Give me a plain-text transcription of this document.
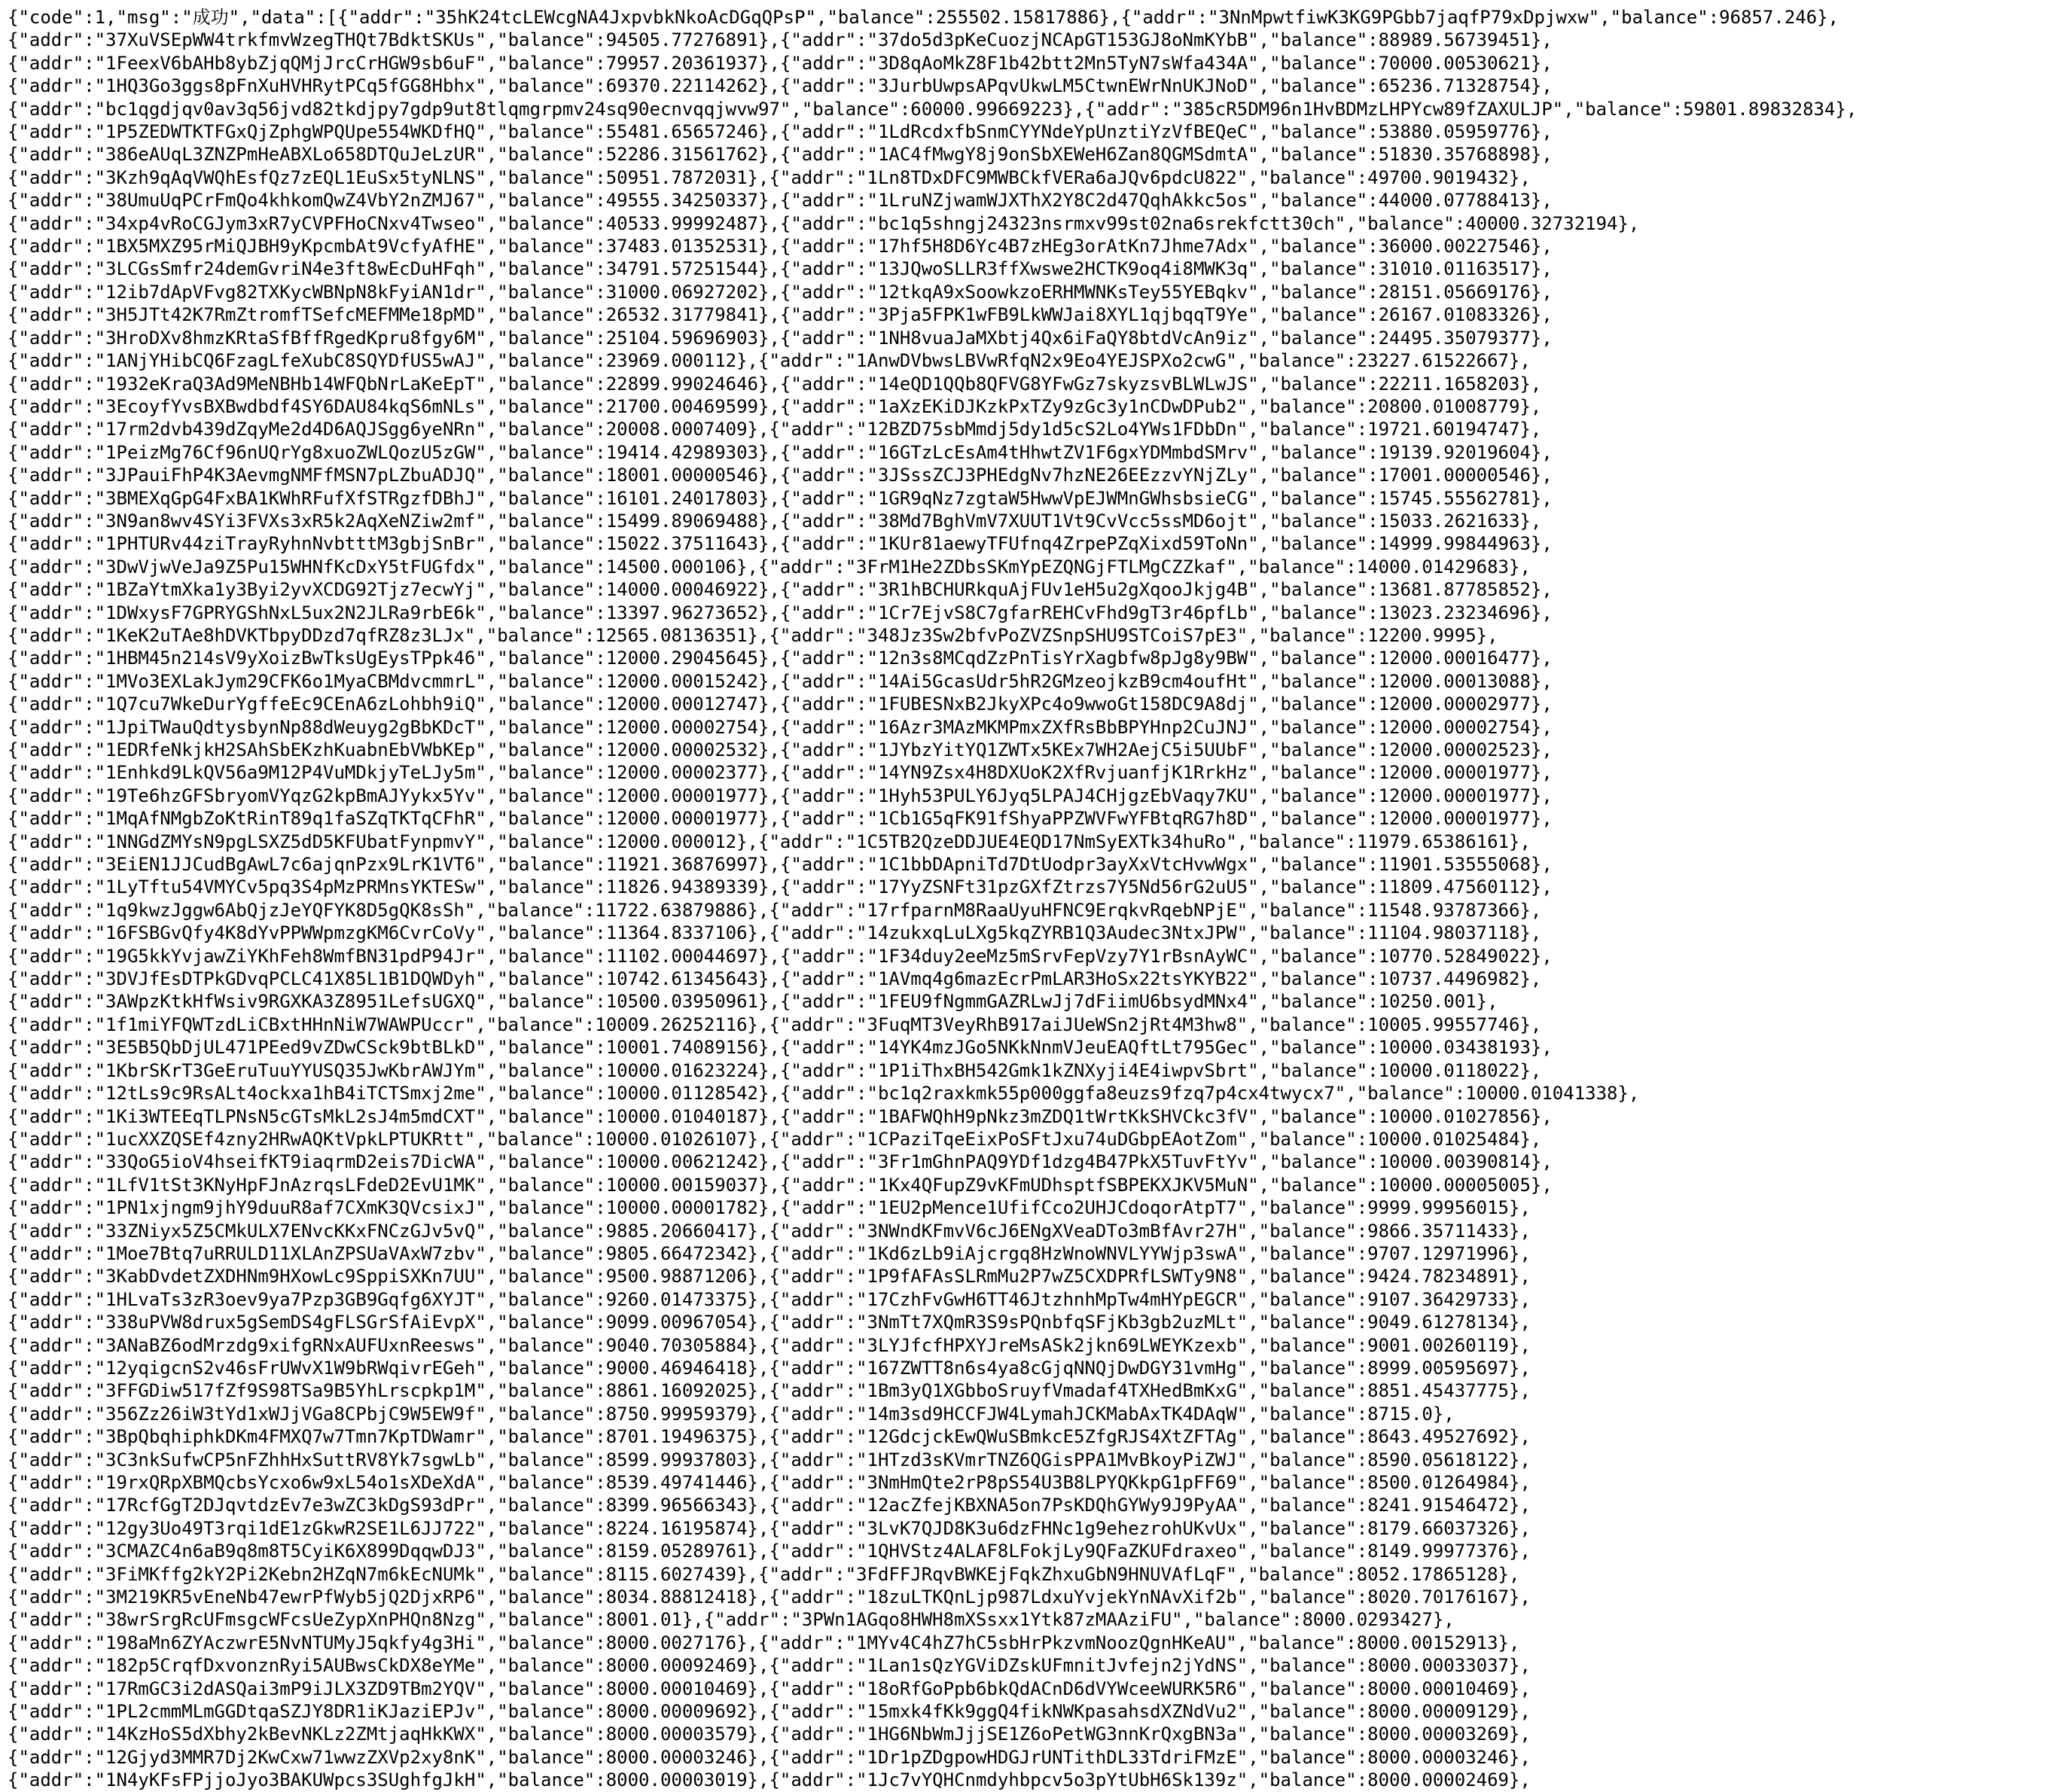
{"code":1,"msg":"成功","data":[{"addr":"35hK24tcLEWcgNA4JxpvbkNkoAcDGqQPsP","balance":255502.15817886},{"addr":"3NnMpwtfiwK3KG9PGbb7jaqfP79xDpjwxw","balance":96857.246},
{"addr":"37XuVSEpWW4trkfmvWzegTHQt7BdktSKUs","balance":94505.77276891},{"addr":"37do5d3pKeCuozjNCApGT153GJ8oNmKYbB","balance":88989.56739451},
{"addr":"1FeexV6bAHb8ybZjqQMjJrcCrHGW9sb6uF","balance":79957.20361937},{"addr":"3D8qAoMkZ8F1b42btt2Mn5TyN7sWfa434A","balance":70000.00530621},
{"addr":"1HQ3Go3ggs8pFnXuHVHRytPCq5fGG8Hbhx","balance":69370.22114262},{"addr":"3JurbUwpsAPqvUkwLM5CtwnEWrNnUKJNoD","balance":65236.71328754},
{"addr":"bc1qgdjqv0av3q56jvd82tkdjpy7gdp9ut8tlqmgrpmv24sq90ecnvqqjwvw97","balance":60000.99669223},{"addr":"385cR5DM96n1HvBDMzLHPYcw89fZAXULJP","balance":59801.89832834},
{"addr":"1P5ZEDWTKTFGxQjZphgWPQUpe554WKDfHQ","balance":55481.65657246},{"addr":"1LdRcdxfbSnmCYYNdeYpUnztiYzVfBEQeC","balance":53880.05959776},
{"addr":"386eAUqL3ZNZPmHeABXLo658DTQuJeLzUR","balance":52286.31561762},{"addr":"1AC4fMwgY8j9onSbXEWeH6Zan8QGMSdmtA","balance":51830.35768898},
{"addr":"3Kzh9qAqVWQhEsfQz7zEQL1EuSx5tyNLNS","balance":50951.7872031},{"addr":"1Ln8TDxDFC9MWBCkfVERa6aJQv6pdcU822","balance":49700.9019432},
{"addr":"38UmuUqPCrFmQo4khkomQwZ4VbY2nZMJ67","balance":49555.34250337},{"addr":"1LruNZjwamWJXThX2Y8C2d47QqhAkkc5os","balance":44000.07788413},
{"addr":"34xp4vRoCGJym3xR7yCVPFHoCNxv4Twseo","balance":40533.99992487},{"addr":"bc1q5shngj24323nsrmxv99st02na6srekfctt30ch","balance":40000.32732194},
{"addr":"1BX5MXZ95rMiQJBH9yKpcmbAt9VcfyAfHE","balance":37483.01352531},{"addr":"17hf5H8D6Yc4B7zHEg3orAtKn7Jhme7Adx","balance":36000.00227546},
{"addr":"3LCGsSmfr24demGvriN4e3ft8wEcDuHFqh","balance":34791.57251544},{"addr":"13JQwoSLLR3ffXwswe2HCTK9oq4i8MWK3q","balance":31010.01163517},
{"addr":"12ib7dApVFvg82TXKycWBNpN8kFyiAN1dr","balance":31000.06927202},{"addr":"12tkqA9xSoowkzoERHMWNKsTey55YEBqkv","balance":28151.05669176},
{"addr":"3H5JTt42K7RmZtromfTSefcMEFMMe18pMD","balance":26532.31779841},{"addr":"3Pja5FPK1wFB9LkWWJai8XYL1qjbqqT9Ye","balance":26167.01083326},
{"addr":"3HroDXv8hmzKRtaSfBffRgedKpru8fgy6M","balance":25104.59696903},{"addr":"1NH8vuaJaMXbtj4Qx6iFaQY8btdVcAn9iz","balance":24495.35079377},
{"addr":"1ANjYHibCQ6FzagLfeXubC8SQYDfUS5wAJ","balance":23969.000112},{"addr":"1AnwDVbwsLBVwRfqN2x9Eo4YEJSPXo2cwG","balance":23227.61522667},
{"addr":"1932eKraQ3Ad9MeNBHb14WFQbNrLaKeEpT","balance":22899.99024646},{"addr":"14eQD1QQb8QFVG8YFwGz7skyzsvBLWLwJS","balance":22211.1658203},
{"addr":"3EcoyfYvsBXBwdbdf4SY6DAU84kqS6mNLs","balance":21700.00469599},{"addr":"1aXzEKiDJKzkPxTZy9zGc3y1nCDwDPub2","balance":20800.01008779},
{"addr":"17rm2dvb439dZqyMe2d4D6AQJSgg6yeNRn","balance":20008.0007409},{"addr":"12BZD75sbMmdj5dy1d5cS2Lo4YWs1FDbDn","balance":19721.60194747},
{"addr":"1PeizMg76Cf96nUQrYg8xuoZWLQozU5zGW","balance":19414.42989303},{"addr":"16GTzLcEsAm4tHhwtZV1F6gxYDMmbdSMrv","balance":19139.92019604},
{"addr":"3JPauiFhP4K3AevmgNMFfMSN7pLZbuADJQ","balance":18001.00000546},{"addr":"3JSssZCJ3PHEdgNv7hzNE26EEzzvYNjZLy","balance":17001.00000546},
{"addr":"3BMEXqGpG4FxBA1KWhRFufXfSTRgzfDBhJ","balance":16101.24017803},{"addr":"1GR9qNz7zgtaW5HwwVpEJWMnGWhsbsieCG","balance":15745.55562781},
{"addr":"3N9an8wv4SYi3FVXs3xR5k2AqXeNZiw2mf","balance":15499.89069488},{"addr":"38Md7BghVmV7XUUT1Vt9CvVcc5ssMD6ojt","balance":15033.2621633},
{"addr":"1PHTURv44ziTrayRyhnNvbtttM3gbjSnBr","balance":15022.37511643},{"addr":"1KUr81aewyTFUfnq4ZrpePZqXixd59ToNn","balance":14999.99844963},
{"addr":"3DwVjwVeJa9Z5Pu15WHNfKcDxY5tFUGfdx","balance":14500.000106},{"addr":"3FrM1He2ZDbsSKmYpEZQNGjFTLMgCZZkaf","balance":14000.01429683},
{"addr":"1BZaYtmXka1y3Byi2yvXCDG92Tjz7ecwYj","balance":14000.00046922},{"addr":"3R1hBCHURkquAjFUv1eH5u2gXqooJkjg4B","balance":13681.87785852},
{"addr":"1DWxysF7GPRYGShNxL5ux2N2JLRa9rbE6k","balance":13397.96273652},{"addr":"1Cr7EjvS8C7gfarREHCvFhd9gT3r46pfLb","balance":13023.23234696},
{"addr":"1KeK2uTAe8hDVKTbpyDDzd7qfRZ8z3LJx","balance":12565.08136351},{"addr":"348Jz3Sw2bfvPoZVZSnpSHU9STCoiS7pE3","balance":12200.9995},
{"addr":"1HBM45n214sV9yXoizBwTksUgEysTPpk46","balance":12000.29045645},{"addr":"12n3s8MCqdZzPnTisYrXagbfw8pJg8y9BW","balance":12000.00016477},
{"addr":"1MVo3EXLakJym29CFK6o1MyaCBMdvcmmrL","balance":12000.00015242},{"addr":"14Ai5GcasUdr5hR2GMzeojkzB9cm4oufHt","balance":12000.00013088},
{"addr":"1Q7cu7WkeDurYgffeEc9CEnA6zLohbh9iQ","balance":12000.00012747},{"addr":"1FUBESNxB2JkyXPc4o9wwoGt158DC9A8dj","balance":12000.00002977},
{"addr":"1JpiTWauQdtysbynNp88dWeuyg2gBbKDcT","balance":12000.00002754},{"addr":"16Azr3MAzMKMPmxZXfRsBbBPYHnp2CuJNJ","balance":12000.00002754},
{"addr":"1EDRfeNkjkH2SAhSbEKzhKuabnEbVWbKEp","balance":12000.00002532},{"addr":"1JYbzYitYQ1ZWTx5KEx7WH2AejC5i5UUbF","balance":12000.00002523},
{"addr":"1Enhkd9LkQV56a9M12P4VuMDkjyTeLJy5m","balance":12000.00002377},{"addr":"14YN9Zsx4H8DXUoK2XfRvjuanfjK1RrkHz","balance":12000.00001977},
{"addr":"19Te6hzGFSbryomVYqzG2kpBmAJYykx5Yv","balance":12000.00001977},{"addr":"1Hyh53PULY6Jyq5LPAJ4CHjgzEbVaqy7KU","balance":12000.00001977},
{"addr":"1MqAfNMgbZoKtRinT89q1faSZqTKTqCFhR","balance":12000.00001977},{"addr":"1Cb1G5qFK91fShyaPPZWVFwYFBtqRG7h8D","balance":12000.00001977},
{"addr":"1NNGdZMYsN9pgLSXZ5dD5KFUbatFynpmvY","balance":12000.000012},{"addr":"1C5TB2QzeDDJUE4EQD17NmSyEXTk34huRo","balance":11979.65386161},
{"addr":"3EiEN1JJCudBgAwL7c6ajqnPzx9LrK1VT6","balance":11921.36876997},{"addr":"1C1bbDApniTd7DtUodpr3ayXxVtcHvwWgx","balance":11901.53555068},
{"addr":"1LyTftu54VMYCv5pq3S4pMzPRMnsYKTESw","balance":11826.94389339},{"addr":"17YyZSNFt31pzGXfZtrzs7Y5Nd56rG2uU5","balance":11809.47560112},
{"addr":"1q9kwzJggw6AbQjzJeYQFYK8D5gQK8sSh","balance":11722.63879886},{"addr":"17rfparnM8RaaUyuHFNC9ErqkvRqebNPjE","balance":11548.93787366},
{"addr":"16FSBGvQfy4K8dYvPPWWpmzgKM6CvrCoVy","balance":11364.8337106},{"addr":"14zukxqLuLXg5kqZYRB1Q3Audec3NtxJPW","balance":11104.98037118},
{"addr":"19G5kkYvjawZiYKhFeh8WmfBN31pdP94Jr","balance":11102.00044697},{"addr":"1F34duy2eeMz5mSrvFepVzy7Y1rBsnAyWC","balance":10770.52849022},
{"addr":"3DVJfEsDTPkGDvqPCLC41X85L1B1DQWDyh","balance":10742.61345643},{"addr":"1AVmq4g6mazEcrPmLAR3HoSx22tsYKYB22","balance":10737.4496982},
{"addr":"3AWpzKtkHfWsiv9RGXKA3Z8951LefsUGXQ","balance":10500.03950961},{"addr":"1FEU9fNgmmGAZRLwJj7dFiimU6bsydMNx4","balance":10250.001},
{"addr":"1f1miYFQWTzdLiCBxtHHnNiW7WAWPUccr","balance":10009.26252116},{"addr":"3FuqMT3VeyRhB917aiJUeWSn2jRt4M3hw8","balance":10005.99557746},
{"addr":"3E5B5QbDjUL471PEed9vZDwCSck9btBLkD","balance":10001.74089156},{"addr":"14YK4mzJGo5NKkNnmVJeuEAQftLt795Gec","balance":10000.03438193},
{"addr":"1KbrSKrT3GeEruTuuYYUSQ35JwKbrAWJYm","balance":10000.01623224},{"addr":"1P1iThxBH542Gmk1kZNXyji4E4iwpvSbrt","balance":10000.0118022},
{"addr":"12tLs9c9RsALt4ockxa1hB4iTCTSmxj2me","balance":10000.01128542},{"addr":"bc1q2raxkmk55p000ggfa8euzs9fzq7p4cx4twycx7","balance":10000.01041338},
{"addr":"1Ki3WTEEqTLPNsN5cGTsMkL2sJ4m5mdCXT","balance":10000.01040187},{"addr":"1BAFWQhH9pNkz3mZDQ1tWrtKkSHVCkc3fV","balance":10000.01027856},
{"addr":"1ucXXZQSEf4zny2HRwAQKtVpkLPTUKRtt","balance":10000.01026107},{"addr":"1CPaziTqeEixPoSFtJxu74uDGbpEAotZom","balance":10000.01025484},
{"addr":"33QoG5ioV4hseifKT9iaqrmD2eis7DicWA","balance":10000.00621242},{"addr":"3Fr1mGhnPAQ9YDf1dzg4B47PkX5TuvFtYv","balance":10000.00390814},
{"addr":"1LfV1tSt3KNyHpFJnAzrqsLFdeD2EvU1MK","balance":10000.00159037},{"addr":"1Kx4QFupZ9vKFmUDhsptfSBPEKXJKV5MuN","balance":10000.00005005},
{"addr":"1PN1xjngm9jhY9duuR8af7CXmK3QVcsixJ","balance":10000.00001782},{"addr":"1EU2pMence1UfifCco2UHJCdoqorAtpT7","balance":9999.99956015},
{"addr":"33ZNiyx5Z5CMkULX7ENvcKKxFNCzGJv5vQ","balance":9885.20660417},{"addr":"3NWndKFmvV6cJ6ENgXVeaDTo3mBfAvr27H","balance":9866.35711433},
{"addr":"1Moe7Btq7uRRULD11XLAnZPSUaVAxW7zbv","balance":9805.66472342},{"addr":"1Kd6zLb9iAjcrgq8HzWnoWNVLYYWjp3swA","balance":9707.12971996},
{"addr":"3KabDvdetZXDHNm9HXowLc9SppiSXKn7UU","balance":9500.98871206},{"addr":"1P9fAFAsSLRmMu2P7wZ5CXDPRfLSWTy9N8","balance":9424.78234891},
{"addr":"1HLvaTs3zR3oev9ya7Pzp3GB9Gqfg6XYJT","balance":9260.01473375},{"addr":"17CzhFvGwH6TT46JtzhnhMpTw4mHYpEGCR","balance":9107.36429733},
{"addr":"338uPVW8drux5gSemDS4gFLSGrSfAiEvpX","balance":9099.00967054},{"addr":"3NmTt7XQmR3S9sPQnbfqSFjKb3gb2uzMLt","balance":9049.61278134},
{"addr":"3ANaBZ6odMrzdg9xifgRNxAUFUxnReesws","balance":9040.70305884},{"addr":"3LYJfcfHPXYJreMsASk2jkn69LWEYKzexb","balance":9001.00260119},
{"addr":"12yqigcnS2v46sFrUWvX1W9bRWqivrEGeh","balance":9000.46946418},{"addr":"167ZWTT8n6s4ya8cGjqNNQjDwDGY31vmHg","balance":8999.00595697},
{"addr":"3FFGDiw517fZf9S98TSa9B5YhLrscpkp1M","balance":8861.16092025},{"addr":"1Bm3yQ1XGbboSruyfVmadaf4TXHedBmKxG","balance":8851.45437775},
{"addr":"356Zz26iW3tYd1xWJjVGa8CPbjC9W5EW9f","balance":8750.99959379},{"addr":"14m3sd9HCCFJW4LymahJCKMabAxTK4DAqW","balance":8715.0},
{"addr":"3BpQbqhiphkDKm4FMXQ7w7Tmn7KpTDWamr","balance":8701.19496375},{"addr":"12GdcjckEwQWuSBmkcE5ZfgRJS4XtZFTAg","balance":8643.49527692},
{"addr":"3C3nkSufwCP5nFZhhHxSuttRV8Yk7sgwLb","balance":8599.99937803},{"addr":"1HTzd3sKVmrTNZ6QGisPPA1MvBkoyPiZWJ","balance":8590.05618122},
{"addr":"19rxQRpXBMQcbsYcxo6w9xL54o1sXDeXdA","balance":8539.49741446},{"addr":"3NmHmQte2rP8pS54U3B8LPYQKkpG1pFF69","balance":8500.01264984},
{"addr":"17RcfGgT2DJqvtdzEv7e3wZC3kDgS93dPr","balance":8399.96566343},{"addr":"12acZfejKBXNA5on7PsKDQhGYWy9J9PyAA","balance":8241.91546472},
{"addr":"12gy3Uo49T3rqi1dE1zGkwR2SE1L6JJ722","balance":8224.16195874},{"addr":"3LvK7QJD8K3u6dzFHNc1g9ehezrohUKvUx","balance":8179.66037326},
{"addr":"3CMAZC4n6aB9q8m8T5CyiK6X899DqqwDJ3","balance":8159.05289761},{"addr":"1QHVStz4ALAF8LFokjLy9QFaZKUFdraxeo","balance":8149.99977376},
{"addr":"3FiMKffg2kY2Pi2Kebn2HZqN7m6kEcNUMk","balance":8115.6027439},{"addr":"3FdFFJRqvBWKEjFqkZhxuGbN9HNUVAfLqF","balance":8052.17865128},
{"addr":"3M219KR5vEneNb47ewrPfWyb5jQ2DjxRP6","balance":8034.88812418},{"addr":"18zuLTKQnLjp987LdxuYvjekYnNAvXif2b","balance":8020.70176167},
{"addr":"38wrSrgRcUFmsgcWFcsUeZypXnPHQn8Nzg","balance":8001.01},{"addr":"3PWn1AGqo8HWH8mXSsxx1Ytk87zMAAziFU","balance":8000.0293427},
{"addr":"198aMn6ZYAczwrE5NvNTUMyJ5qkfy4g3Hi","balance":8000.0027176},{"addr":"1MYv4C4hZ7hC5sbHrPkzvmNoozQgnHKeAU","balance":8000.00152913},
{"addr":"182p5CrqfDxvonznRyi5AUBwsCkDX8eYMe","balance":8000.00092469},{"addr":"1Lan1sQzYGViDZskUFmnitJvfejn2jYdNS","balance":8000.00033037},
{"addr":"17RmGC3i2dASQai3mP9iJLX3ZD9TBm2YQV","balance":8000.00010469},{"addr":"18oRfGoPpb6bkQdACnD6dVYWceeWURK5R6","balance":8000.00010469},
{"addr":"1PL2cmmMLmGGDtqaSZJY8DR1iKJaziEPJv","balance":8000.00009692},{"addr":"15mxk4fKk9ggQ4fikNWKpasahsdXZNdVu2","balance":8000.00009129},
{"addr":"14KzHoS5dXbhy2kBevNKLz2ZMtjaqHkKWX","balance":8000.00003579},{"addr":"1HG6NbWmJjjSE1Z6oPetWG3nnKrQxgBN3a","balance":8000.00003269},
{"addr":"12Gjyd3MMR7Dj2KwCxw71wwzZXVp2xy8nK","balance":8000.00003246},{"addr":"1Dr1pZDgpowHDGJrUNTithDL33TdriFMzE","balance":8000.00003246},
{"addr":"1N4yKFsFPjjoJyo3BAKUWpcs3SUghfgJkH","balance":8000.00003019},{"addr":"1Jc7vYQHCnmdyhbpcv5o3pYtUbH6Sk139z","balance":8000.00002469},
